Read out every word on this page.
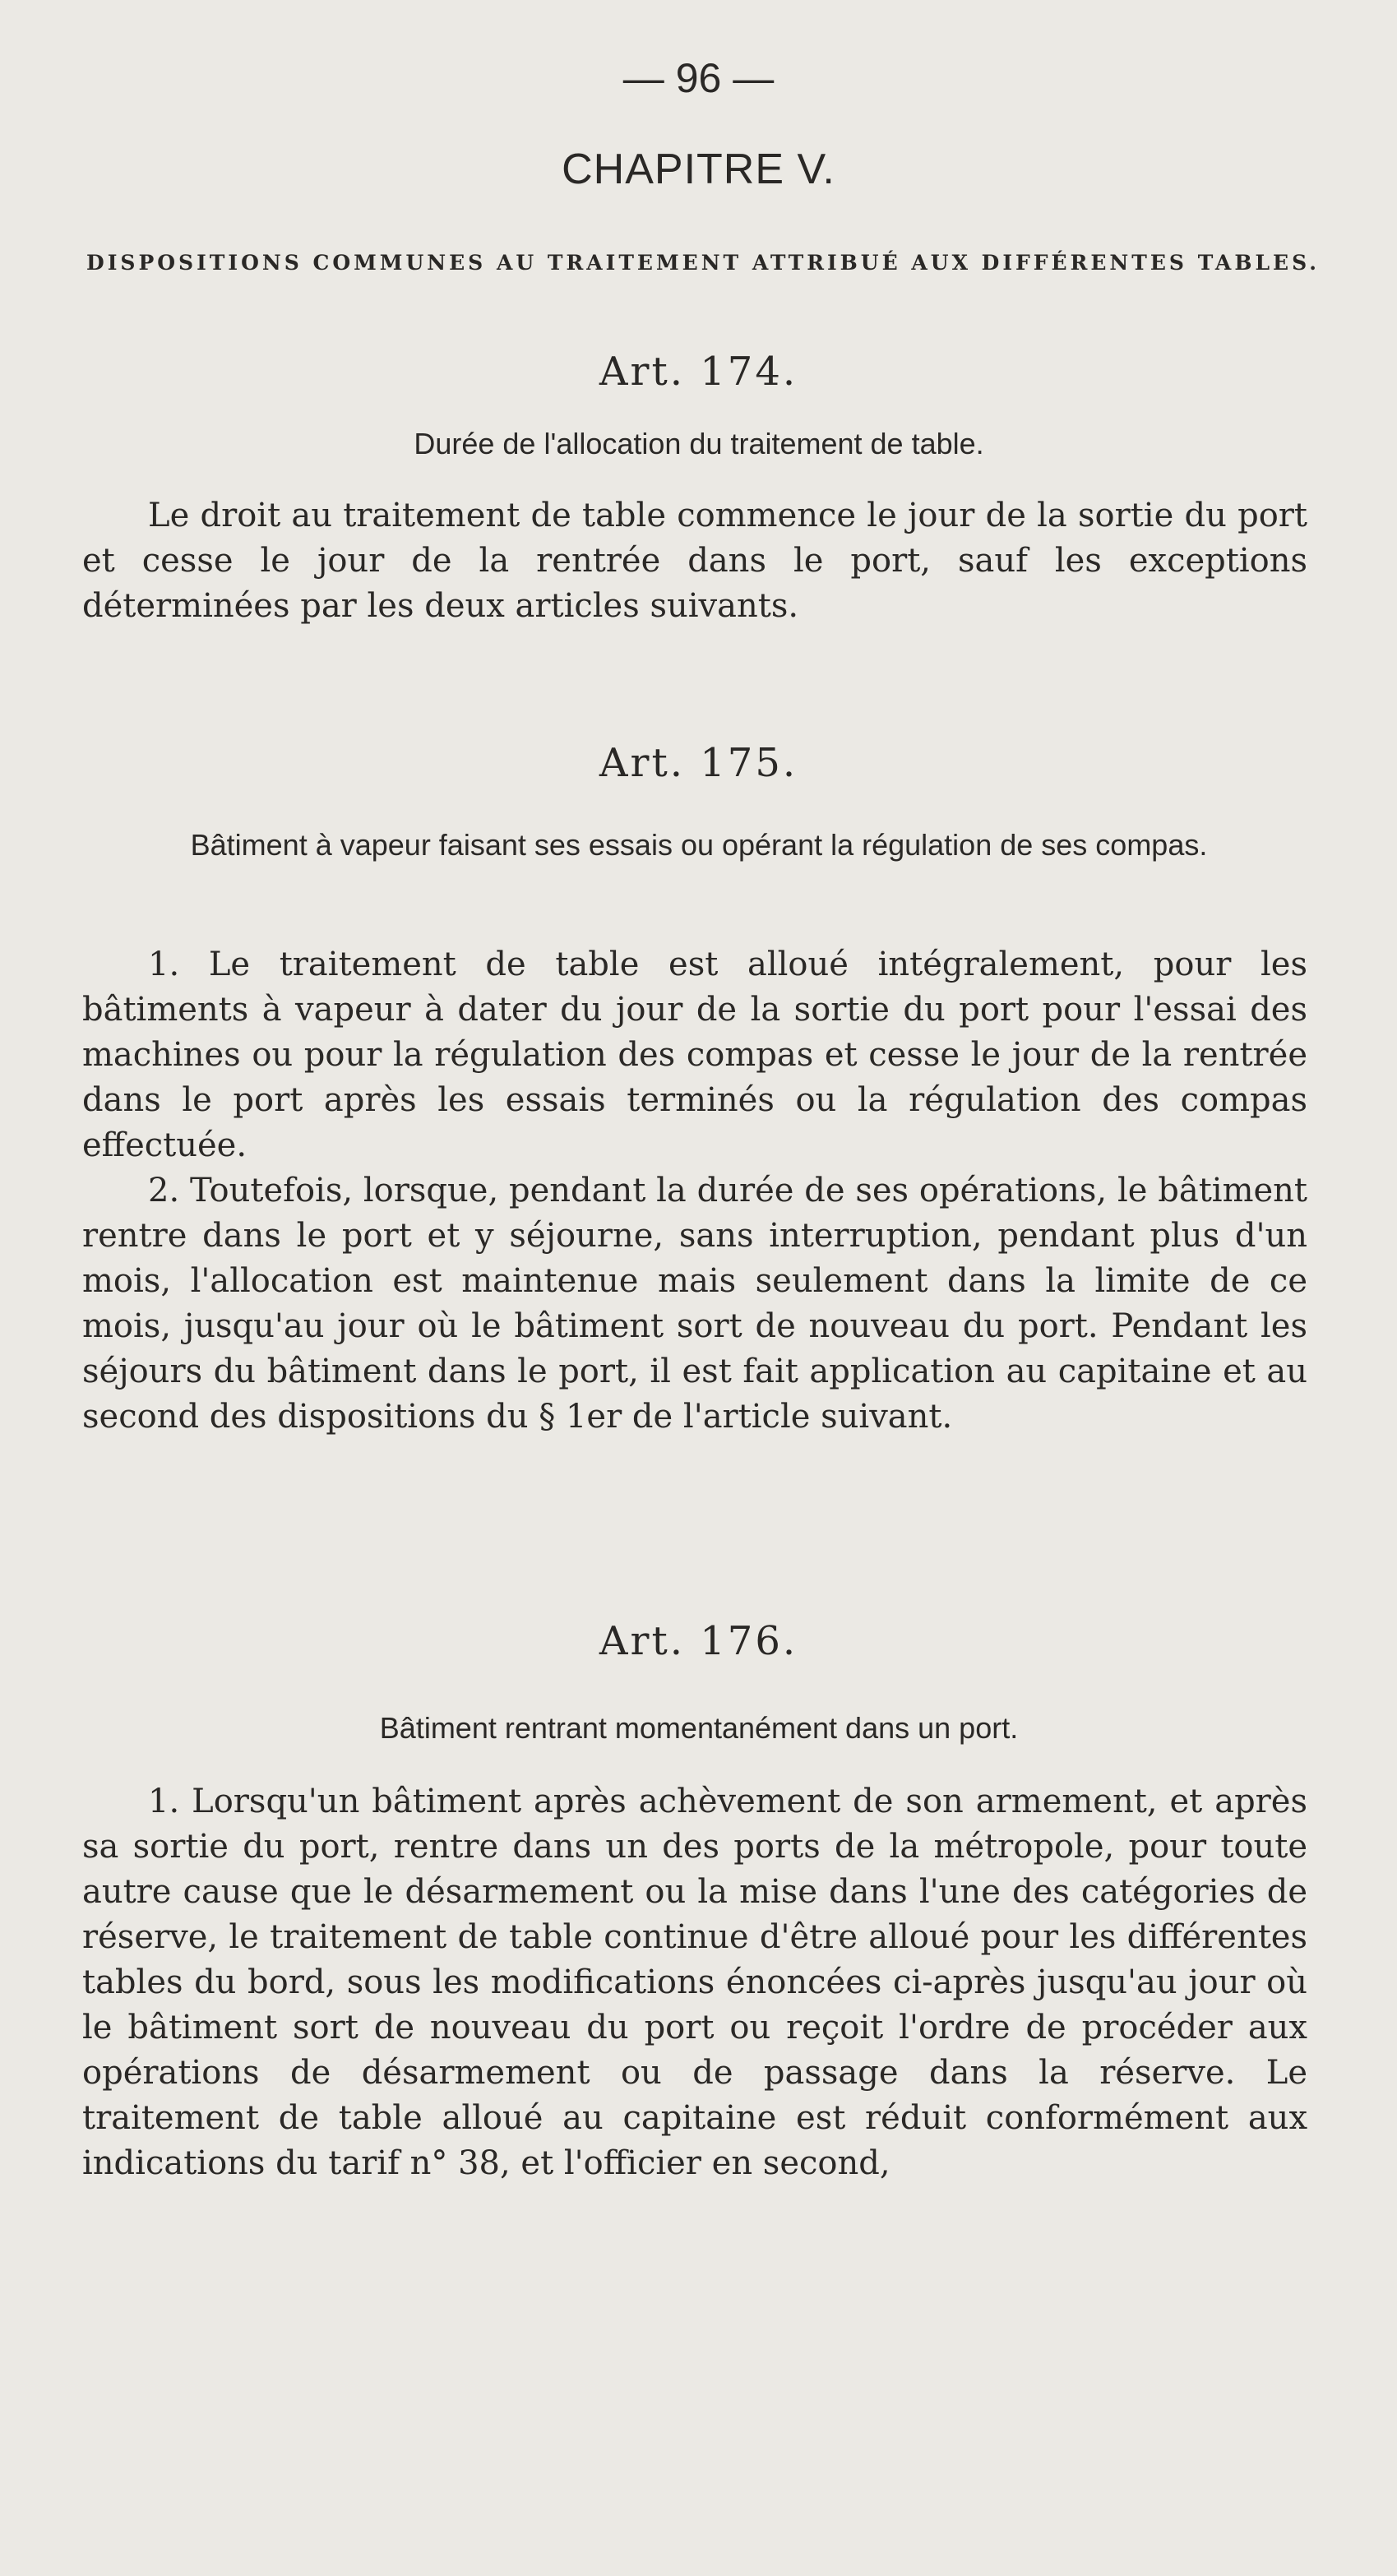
— 96 —
CHAPITRE V.
DISPOSITIONS COMMUNES AU TRAITEMENT ATTRIBUÉ AUX DIFFÉRENTES TABLES.
Art. 174.
Durée de l'allocation du traitement de table.

Le droit au traitement de table commence le jour de la sortie du port et cesse le jour de la rentrée dans le port, sauf les exceptions déterminées par les deux articles suivants.

Art. 175.
Bâtiment à vapeur faisant ses essais ou opérant la régulation de ses compas.

1. Le traitement de table est alloué intégralement, pour les bâtiments à vapeur à dater du jour de la sortie du port pour l'essai des machines ou pour la régulation des compas et cesse le jour de la rentrée dans le port après les essais terminés ou la régulation des compas effectuée.

2. Toutefois, lorsque, pendant la durée de ses opérations, le bâtiment rentre dans le port et y séjourne, sans interruption, pendant plus d'un mois, l'allocation est maintenue mais seulement dans la limite de ce mois, jusqu'au jour où le bâtiment sort de nouveau du port. Pendant les séjours du bâtiment dans le port, il est fait application au capitaine et au second des dispositions du § 1er de l'article suivant.

Art. 176.
Bâtiment rentrant momentanément dans un port.

1. Lorsqu'un bâtiment après achèvement de son armement, et après sa sortie du port, rentre dans un des ports de la métropole, pour toute autre cause que le désarmement ou la mise dans l'une des catégories de réserve, le traitement de table continue d'être alloué pour les différentes tables du bord, sous les modifications énoncées ci-après jusqu'au jour où le bâtiment sort de nouveau du port ou reçoit l'ordre de procéder aux opérations de désarmement ou de passage dans la réserve. Le traitement de table alloué au capitaine est réduit conformément aux indications du tarif n° 38, et l'officier en second,
